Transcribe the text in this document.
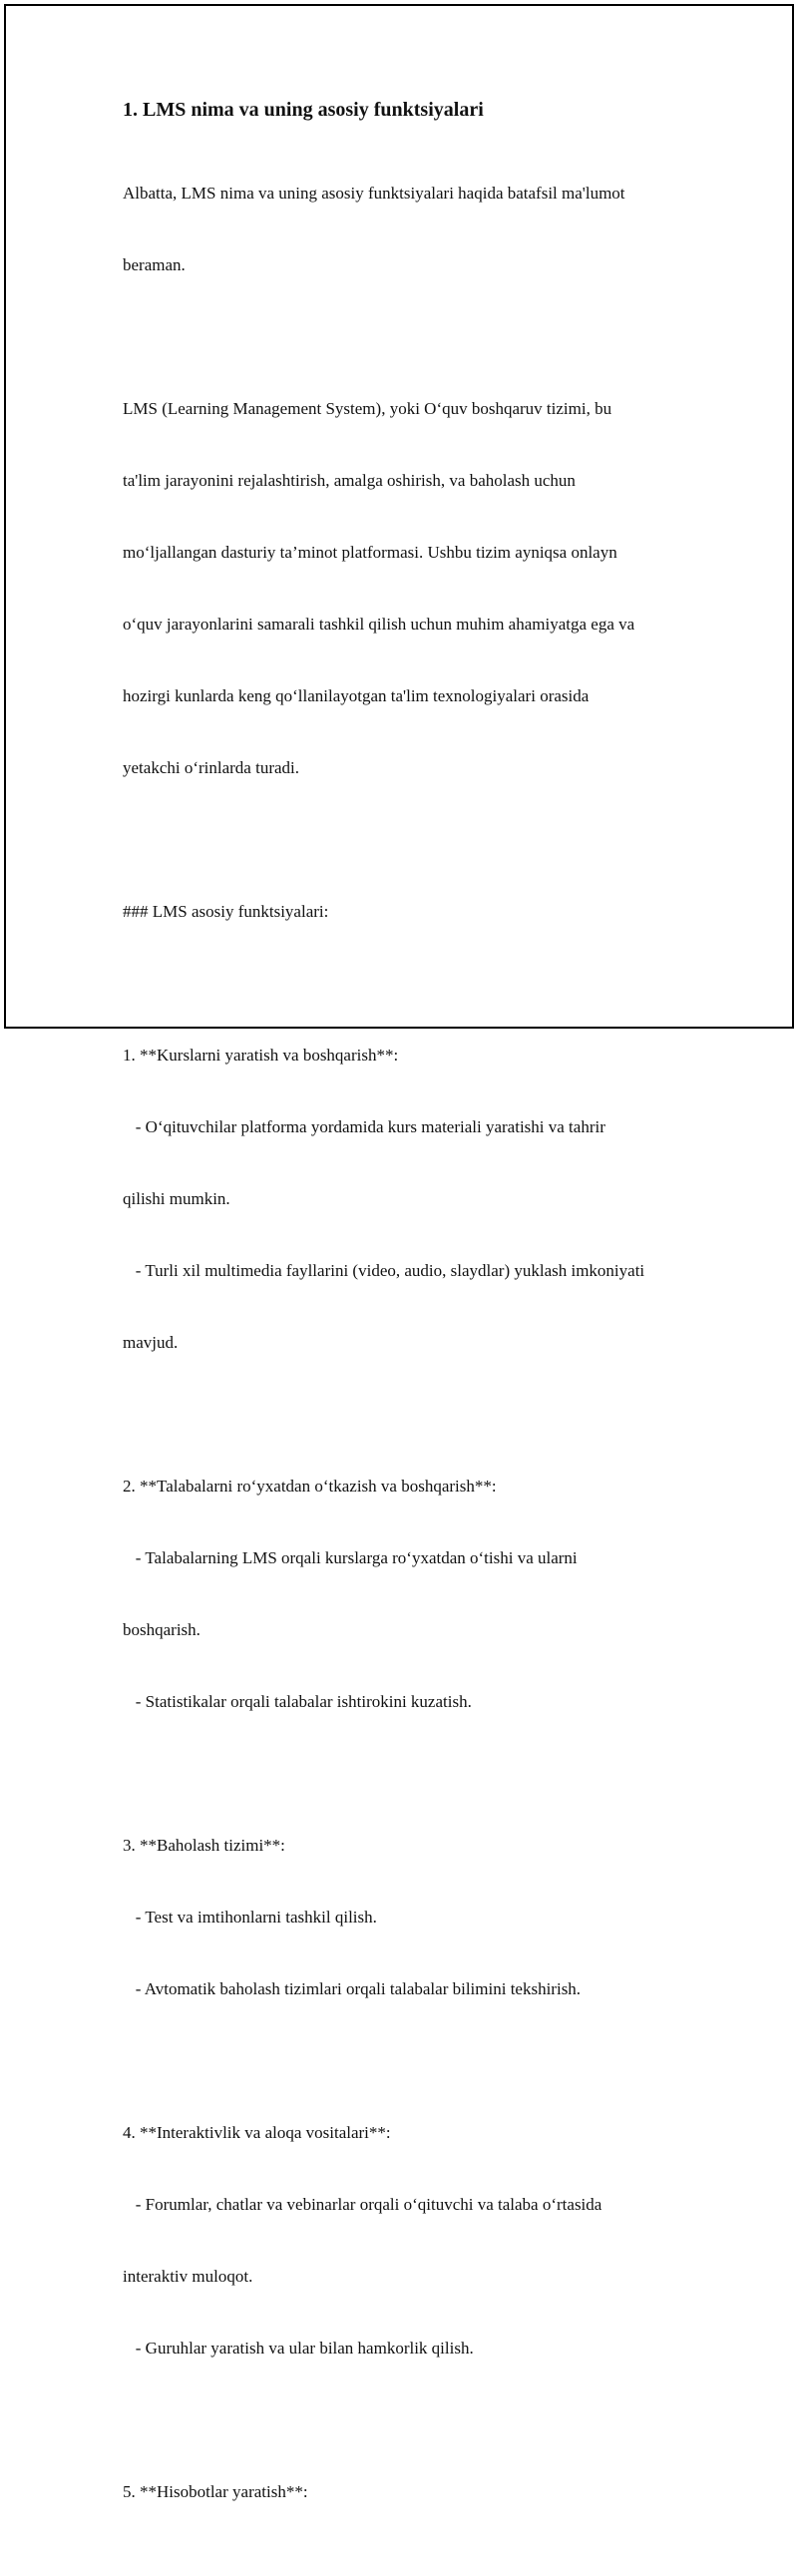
1. LMS nima va uning asosiy funktsiyalari

Albatta, LMS nima va uning asosiy funktsiyalari haqida batafsil ma'lumot

beraman.

LMS (Learning Management System), yoki O‘quv boshqaruv tizimi, bu

ta'lim jarayonini rejalashtirish, amalga oshirish, va baholash uchun

mo‘ljallangan dasturiy ta’minot platformasi. Ushbu tizim ayniqsa onlayn

o‘quv jarayonlarini samarali tashkil qilish uchun muhim ahamiyatga ega va

hozirgi kunlarda keng qo‘llanilayotgan ta'lim texnologiyalari orasida

yetakchi o‘rinlarda turadi.

### LMS asosiy funktsiyalari:

1. **Kurslarni yaratish va boshqarish**:

- O‘qituvchilar platforma yordamida kurs materiali yaratishi va tahrir

qilishi mumkin.

- Turli xil multimedia fayllarini (video, audio, slaydlar) yuklash imkoniyati

mavjud.

2. **Talabalarni ro‘yxatdan o‘tkazish va boshqarish**:

- Talabalarning LMS orqali kurslarga ro‘yxatdan o‘tishi va ularni

boshqarish.

- Statistikalar orqali talabalar ishtirokini kuzatish.

3. **Baholash tizimi**:

- Test va imtihonlarni tashkil qilish.

- Avtomatik baholash tizimlari orqali talabalar bilimini tekshirish.

4. **Interaktivlik va aloqa vositalari**:

- Forumlar, chatlar va vebinarlar orqali o‘qituvchi va talaba o‘rtasida

interaktiv muloqot.

- Guruhlar yaratish va ular bilan hamkorlik qilish.

5. **Hisobotlar yaratish**:
